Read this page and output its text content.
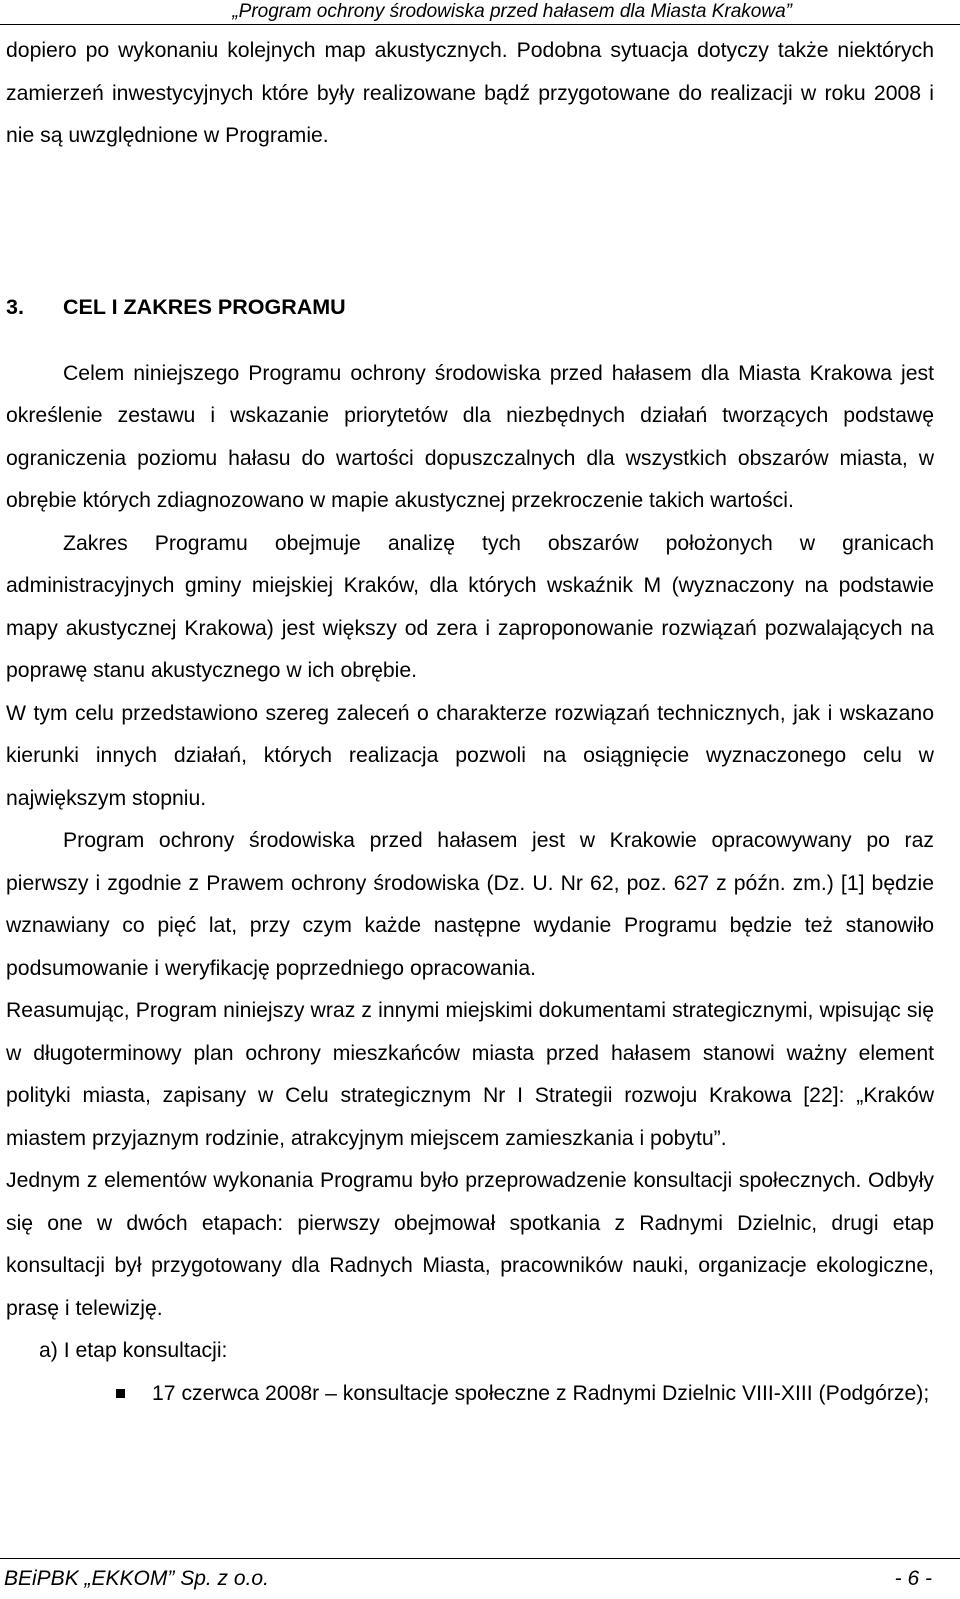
„Program ochrony środowiska przed hałasem dla Miasta Krakowa”

dopiero po wykonaniu kolejnych map akustycznych. Podobna sytuacja dotyczy także niektórych zamierzeń inwestycyjnych które były realizowane bądź przygotowane do realizacji w roku 2008 i nie są uwzględnione w Programie.

3. CEL I ZAKRES PROGRAMU

Celem niniejszego Programu ochrony środowiska przed hałasem dla Miasta Krakowa jest określenie zestawu i wskazanie priorytetów dla niezbędnych działań tworzących podstawę ograniczenia poziomu hałasu do wartości dopuszczalnych dla wszystkich obszarów miasta, w obrębie których zdiagnozowano w mapie akustycznej przekroczenie takich wartości.

Zakres Programu obejmuje analizę tych obszarów położonych w granicach administracyjnych gminy miejskiej Kraków, dla których wskaźnik M (wyznaczony na podstawie mapy akustycznej Krakowa) jest większy od zera i zaproponowanie rozwiązań pozwalających na poprawę stanu akustycznego w ich obrębie.

W tym celu przedstawiono szereg zaleceń o charakterze rozwiązań technicznych, jak i wskazano kierunki innych działań, których realizacja pozwoli na osiągnięcie wyznaczonego celu w największym stopniu.

Program ochrony środowiska przed hałasem jest w Krakowie opracowywany po raz pierwszy i zgodnie z Prawem ochrony środowiska (Dz. U. Nr 62, poz. 627 z późn. zm.) [1] będzie wznawiany co pięć lat, przy czym każde następne wydanie Programu będzie też stanowiło podsumowanie i weryfikację poprzedniego opracowania.

Reasumując, Program niniejszy wraz z innymi miejskimi dokumentami strategicznymi, wpisując się w długoterminowy plan ochrony mieszkańców miasta przed hałasem stanowi ważny element polityki miasta, zapisany w Celu strategicznym Nr I Strategii rozwoju Krakowa [22]: „Kraków miastem przyjaznym rodzinie, atrakcyjnym miejscem zamieszkania i pobytu”.

Jednym z elementów wykonania Programu było przeprowadzenie konsultacji społecznych. Odbyły się one w dwóch etapach: pierwszy obejmował spotkania z Radnymi Dzielnic, drugi etap konsultacji był przygotowany dla Radnych Miasta, pracowników nauki, organizacje ekologiczne, prasę i telewizję.

a) I etap konsultacji:
17 czerwca 2008r – konsultacje społeczne z Radnymi Dzielnic VIII-XIII (Podgórze);
BEiPBK „EKKOM” Sp. z o.o.	- 6 -
